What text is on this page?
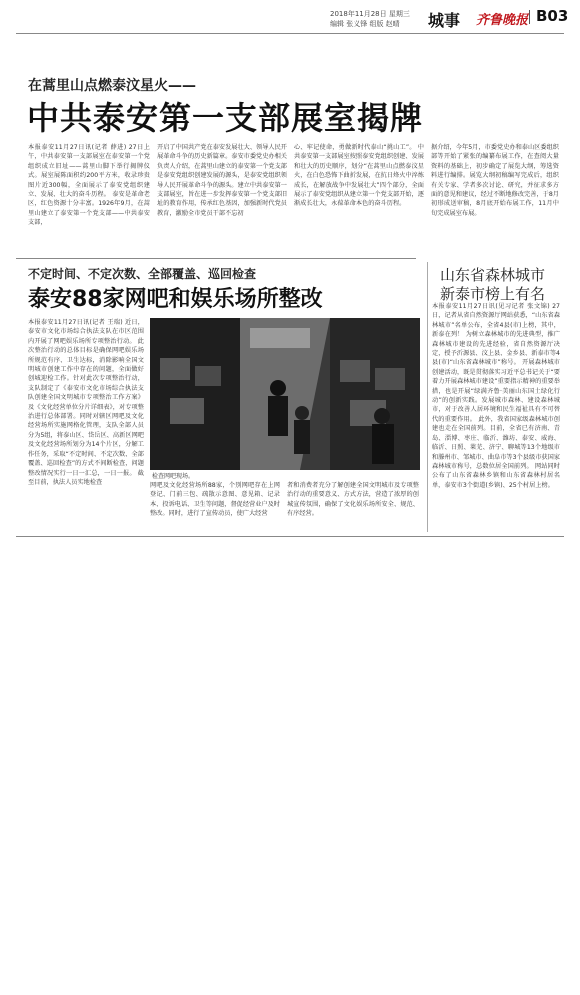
2018年11月28日 星期三
编辑 张义锋 组版 赵晴	城事 齐鲁晚报 B03
在蒿里山点燃泰汶星火——
中共泰安第一支部展室揭牌
本报泰安11月27日讯(记者 薛进) 27日上午，中共泰安第一支部展室在泰安第一个党组织成立旧址——蒿里山脚下举行揭牌仪式。展室展陈面积约200平方米，收录珍贵图片近300幅，全面展示了泰安党组织建立、发展、壮大的奋斗历程。 泰安是革命老区，红色资源十分丰富。1926年9月，在蒿里山建立了泰安第一个党支部——中共泰安支部，
开启了中国共产党在泰安发展壮大、领导人民开展革命斗争的历史新篇章。泰安市委党史办相关负责人介绍，在蒿里山建立的泰安第一个党支部是泰安党组织创建发展的源头，是泰安党组织领导人民开展革命斗争的源头。建立中共泰安第一支部展室，旨在进一步发挥泰安第一个党支部旧址的教育作用，传承红色基因，加强新时代党员教育，激励全市党员干部不忘初
心、牢记使命，勇做新时代泰山“挑山工”。 中共泰安第一支部展室按照泰安党组织创建、发展和壮大的历史顺序，划分“在蒿里山点燃泰汶星火，在白色恐怖下曲折发展，在抗日烽火中淬炼成长，在解放战争中发展壮大”四个部分，全面展示了泰安党组织从建立第一个党支部开始，逐渐成长壮大，永葆革命本色的奋斗历程。
据介绍，今年5月，市委党史办和泰山区委组织部等开始了紧张的编纂布展工作，在查阅大量资料的基础上，初步确定了展览大纲，筹选资料进行编排。展览大纲初稿编写完成后，组织有关专家、学者多次讨论、研究，并征求多方面的意见和建议，经过不断地修改完善，于8月初形成送审稿，8月底开始布展工作，11月中旬完成展室布展。
不定时间、不定次数、全部覆盖、巡回检查
泰安88家网吧和娱乐场所整改
本报泰安11月27日讯(记者 王瑞) 近日，泰安市文化市场综合执法支队在市区范围内开展了网吧娱乐场所专项整治行动。 此次整治行动的总体目标是确保网吧娱乐场所规范有序、卫生达标，消除影响全国文明城市创建工作中存在的问题，全面做好创城迎检工作。针对此次专项整治行动，支队制定了《泰安市文化市场综合执法支队创建全国文明城市专项整治工作方案》及《文化经营单位分片详细表》，对专项整治进行总体部署。同时对辖区网吧及文化经营场所实施网格化管理，支队全部人员分为5组，将泰山区、岱岳区、高新区网吧及文化经营场所划分为14个片区，分解工作任务，采取“不定时间、不定次数、全部覆盖、巡回检查”的方式不间断检查，问题整改情况实行一日一汇总，一日一报。 截至目前，执法人员实地检查
检查网吧现场。
网吧及文化经营场所88家，个别网吧存在上网登记、门前三包、疏散示意图、意见箱、记录本、投诉电话、卫生等问题，督促经营业户及时整改。同时，进行了宣传动员，使广大经营
者和消费者充分了解创建全国文明城市及专项整治行动的重要意义、方式方法，营造了浓厚的创城宣传氛围，确保了文化娱乐场所安全、规范、有序经营。
山东省森林城市
新泰市榜上有名
本报泰安11月27日讯(见习记者 张文锦) 27日，记者从省自然资源厅网站获悉，“山东省森林城市”名单公布，全省4县(市)上榜，其中，新泰在列！ 为树立森林城市的先进典型，推广森林城市建设的先进经验，省自然资源厅决定，授予沂源县、汶上县、金乡县、新泰市等4县(市)“山东省森林城市”称号。 开展森林城市创建活动，既是贯彻落实习近平总书记关于“要着力开展森林城市建设”重要指示精神的重要举措，也是开展“绿满齐鲁·美丽山东国土绿化行动”的创新实践。发展城市森林、建设森林城市，对于改善人居环境和民生福祉具有不可替代的重要作用。 此外，我省国家级森林城市创建也走在全国前列。目前，全省已有济南、青岛、淄博、枣庄、临沂、潍坊、泰安、威海、临沂、日照、莱芜、济宁、聊城等13个地级市和滕州市、邹城市、曲阜市等3个县级市获国家森林城市称号，总数位居全国前列。 网站同时公布了山东省森林乡镇和山东省森林村居名单，泰安市3个街道(乡镇)、25个村居上榜。
